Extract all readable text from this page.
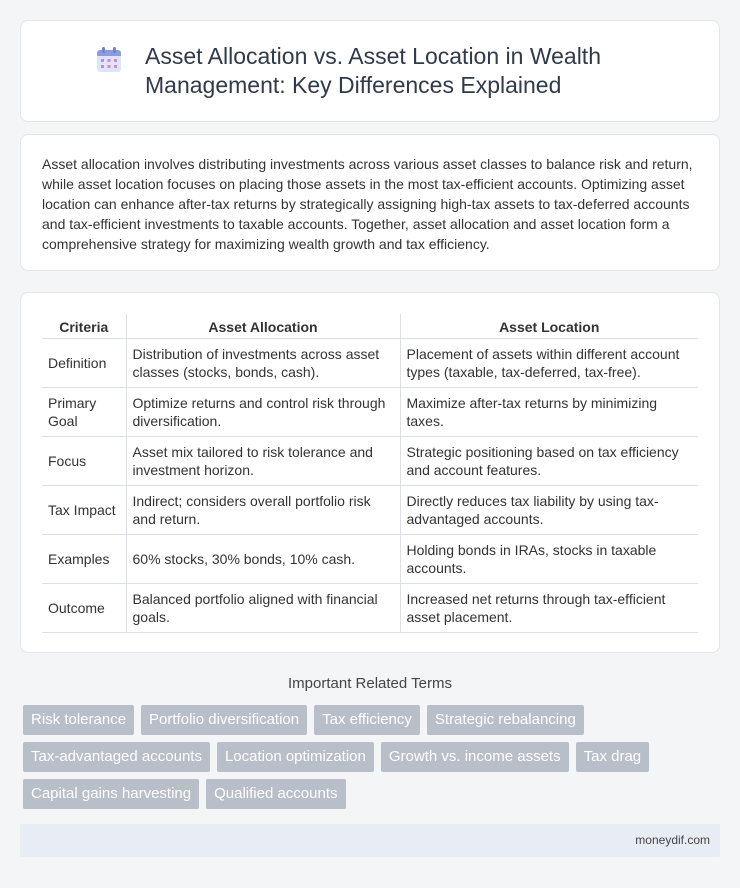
Asset Allocation vs. Asset Location in Wealth Management: Key Differences Explained

Asset allocation involves distributing investments across various asset classes to balance risk and return, while asset location focuses on placing those assets in the most tax-efficient accounts. Optimizing asset location can enhance after-tax returns by strategically assigning high-tax assets to tax-deferred accounts and tax-efficient investments to taxable accounts. Together, asset allocation and asset location form a comprehensive strategy for maximizing wealth growth and tax efficiency.

Criteria	Asset Allocation	Asset Location
Definition	Distribution of investments across asset classes (stocks, bonds, cash).	Placement of assets within different account types (taxable, tax-deferred, tax-free).
Primary Goal	Optimize returns and control risk through diversification.	Maximize after-tax returns by minimizing taxes.
Focus	Asset mix tailored to risk tolerance and investment horizon.	Strategic positioning based on tax efficiency and account features.
Tax Impact	Indirect; considers overall portfolio risk and return.	Directly reduces tax liability by using tax-advantaged accounts.
Examples	60% stocks, 30% bonds, 10% cash.	Holding bonds in IRAs, stocks in taxable accounts.
Outcome	Balanced portfolio aligned with financial goals.	Increased net returns through tax-efficient asset placement.
Important Related Terms
Risk tolerance	Portfolio diversification	Tax efficiency	Strategic rebalancing
Tax-advantaged accounts	Location optimization	Growth vs. income assets	Tax drag
Capital gains harvesting	Qualified accounts
moneydif.com
